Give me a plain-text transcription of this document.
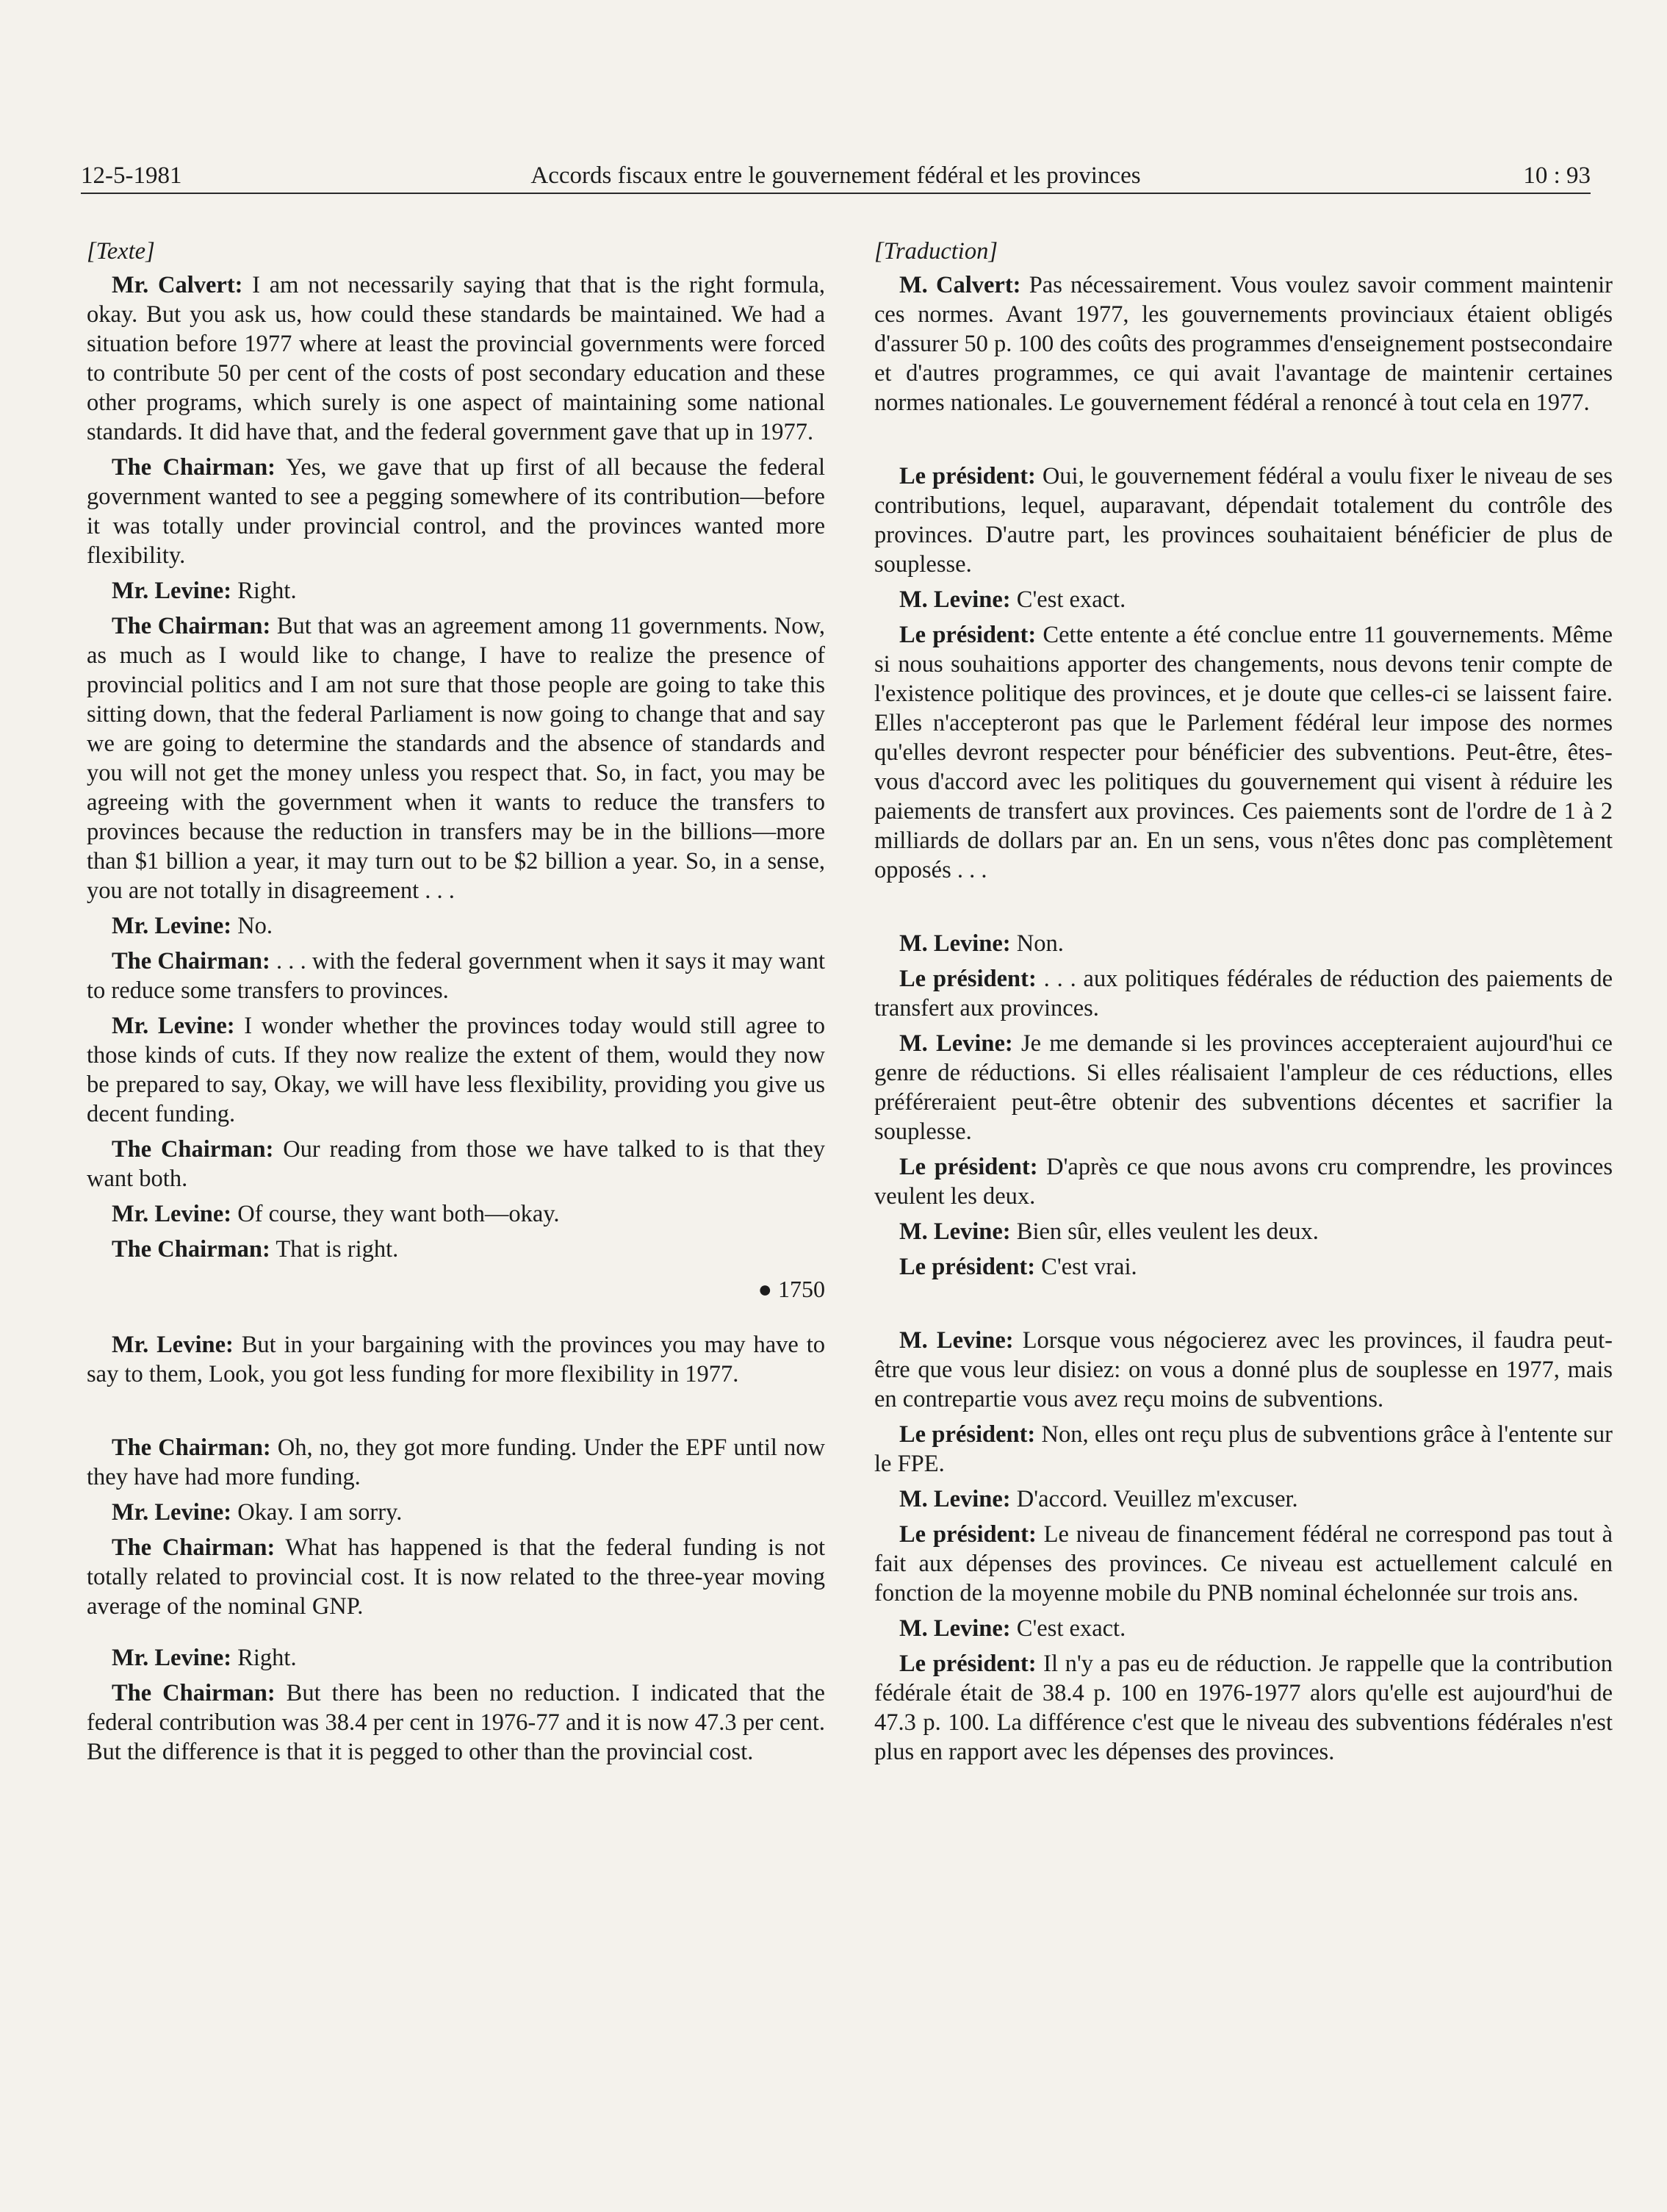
12-5-1981	Accords fiscaux entre le gouvernement fédéral et les provinces	10 : 93
[Texte]
Mr. Calvert: I am not necessarily saying that that is the right formula, okay. But you ask us, how could these standards be maintained. We had a situation before 1977 where at least the provincial governments were forced to contribute 50 per cent of the costs of post secondary education and these other programs, which surely is one aspect of maintaining some national standards. It did have that, and the federal government gave that up in 1977.
The Chairman: Yes, we gave that up first of all because the federal government wanted to see a pegging somewhere of its contribution—before it was totally under provincial control, and the provinces wanted more flexibility.
Mr. Levine: Right.
The Chairman: But that was an agreement among 11 governments. Now, as much as I would like to change, I have to realize the presence of provincial politics and I am not sure that those people are going to take this sitting down, that the federal Parliament is now going to change that and say we are going to determine the standards and the absence of standards and you will not get the money unless you respect that. So, in fact, you may be agreeing with the government when it wants to reduce the transfers to provinces because the reduction in transfers may be in the billions—more than $1 billion a year, it may turn out to be $2 billion a year. So, in a sense, you are not totally in disagreement . . .
Mr. Levine: No.
The Chairman: . . . with the federal government when it says it may want to reduce some transfers to provinces.
Mr. Levine: I wonder whether the provinces today would still agree to those kinds of cuts. If they now realize the extent of them, would they now be prepared to say, Okay, we will have less flexibility, providing you give us decent funding.
The Chairman: Our reading from those we have talked to is that they want both.
Mr. Levine: Of course, they want both—okay.
The Chairman: That is right.
● 1750
Mr. Levine: But in your bargaining with the provinces you may have to say to them, Look, you got less funding for more flexibility in 1977.
The Chairman: Oh, no, they got more funding. Under the EPF until now they have had more funding.
Mr. Levine: Okay. I am sorry.
The Chairman: What has happened is that the federal funding is not totally related to provincial cost. It is now related to the three-year moving average of the nominal GNP.
Mr. Levine: Right.
The Chairman: But there has been no reduction. I indicated that the federal contribution was 38.4 per cent in 1976-77 and it is now 47.3 per cent. But the difference is that it is pegged to other than the provincial cost.
[Traduction]
M. Calvert: Pas nécessairement. Vous voulez savoir comment maintenir ces normes. Avant 1977, les gouvernements provinciaux étaient obligés d'assurer 50 p. 100 des coûts des programmes d'enseignement postsecondaire et d'autres programmes, ce qui avait l'avantage de maintenir certaines normes nationales. Le gouvernement fédéral a renoncé à tout cela en 1977.
Le président: Oui, le gouvernement fédéral a voulu fixer le niveau de ses contributions, lequel, auparavant, dépendait totalement du contrôle des provinces. D'autre part, les provinces souhaitaient bénéficier de plus de souplesse.
M. Levine: C'est exact.
Le président: Cette entente a été conclue entre 11 gouvernements. Même si nous souhaitions apporter des changements, nous devons tenir compte de l'existence politique des provinces, et je doute que celles-ci se laissent faire. Elles n'accepteront pas que le Parlement fédéral leur impose des normes qu'elles devront respecter pour bénéficier des subventions. Peut-être, êtes-vous d'accord avec les politiques du gouvernement qui visent à réduire les paiements de transfert aux provinces. Ces paiements sont de l'ordre de 1 à 2 milliards de dollars par an. En un sens, vous n'êtes donc pas complètement opposés . . .
M. Levine: Non.
Le président: . . . aux politiques fédérales de réduction des paiements de transfert aux provinces.
M. Levine: Je me demande si les provinces accepteraient aujourd'hui ce genre de réductions. Si elles réalisaient l'ampleur de ces réductions, elles préféreraient peut-être obtenir des subventions décentes et sacrifier la souplesse.
Le président: D'après ce que nous avons cru comprendre, les provinces veulent les deux.
M. Levine: Bien sûr, elles veulent les deux.
Le président: C'est vrai.
M. Levine: Lorsque vous négocierez avec les provinces, il faudra peut-être que vous leur disiez: on vous a donné plus de souplesse en 1977, mais en contrepartie vous avez reçu moins de subventions.
Le président: Non, elles ont reçu plus de subventions grâce à l'entente sur le FPE.
M. Levine: D'accord. Veuillez m'excuser.
Le président: Le niveau de financement fédéral ne correspond pas tout à fait aux dépenses des provinces. Ce niveau est actuellement calculé en fonction de la moyenne mobile du PNB nominal échelonnée sur trois ans.
M. Levine: C'est exact.
Le président: Il n'y a pas eu de réduction. Je rappelle que la contribution fédérale était de 38.4 p. 100 en 1976-1977 alors qu'elle est aujourd'hui de 47.3 p. 100. La différence c'est que le niveau des subventions fédérales n'est plus en rapport avec les dépenses des provinces.
